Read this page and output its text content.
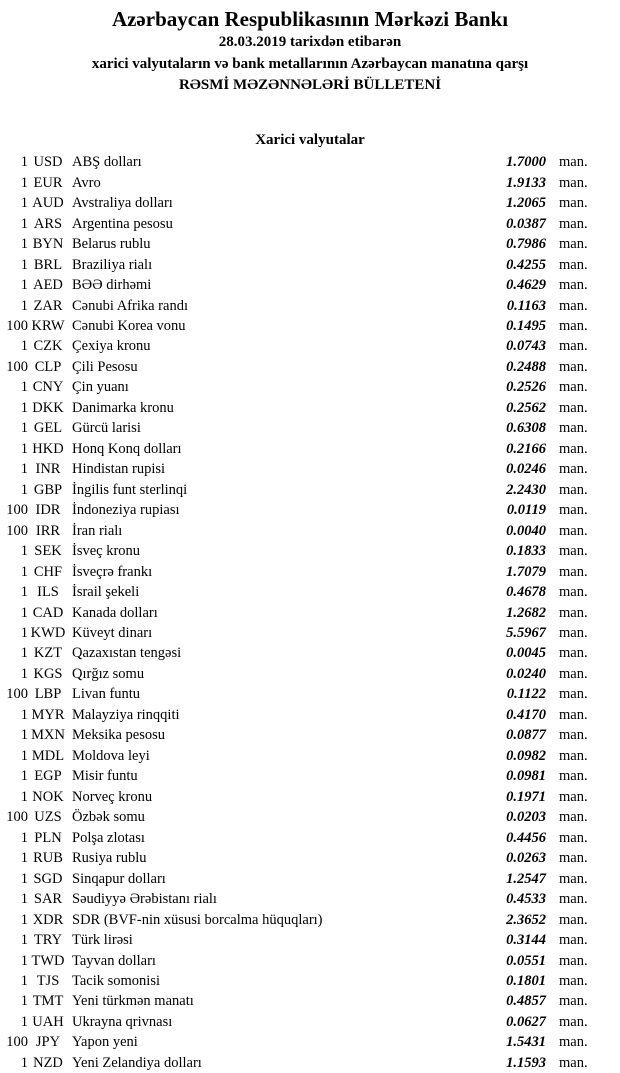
Azərbaycan Respublikasının Mərkəzi Bankı
28.03.2019 tarixdən etibarən
xarici valyutaların və bank metallarının Azərbaycan manatına qarşı
RƏSMİ MƏZƏNNƏLƏRİ BÜLLETENİ
Xarici valyutalar
1 USD ABŞ dolları	1.7000 man.
1 EUR Avro	1.9133 man.
1 AUD Avstraliya dolları	1.2065 man.
1 ARS Argentina pesosu	0.0387 man.
1 BYN Belarus rublu	0.7986 man.
1 BRL Braziliya rialı	0.4255 man.
1 AED BƏƏ dirhəmi	0.4629 man.
1 ZAR Cənubi Afrika randı	0.1163 man.
100 KRW Cənubi Korea vonu	0.1495 man.
1 CZK Çexiya kronu	0.0743 man.
100 CLP Çili Pesosu	0.2488 man.
1 CNY Çin yuanı	0.2526 man.
1 DKK Danimarka kronu	0.2562 man.
1 GEL Gürcü larisi	0.6308 man.
1 HKD Honq Konq dolları	0.2166 man.
1 INR Hindistan rupisi	0.0246 man.
1 GBP İngilis funt sterlinqi	2.2430 man.
100 IDR İndoneziya rupiası	0.0119 man.
100 IRR İran rialı	0.0040 man.
1 SEK İsveç kronu	0.1833 man.
1 CHF İsveçrə frankı	1.7079 man.
1 ILS İsrail şekeli	0.4678 man.
1 CAD Kanada dolları	1.2682 man.
1 KWD Küveyt dinarı	5.5967 man.
1 KZT Qazaxıstan tengəsi	0.0045 man.
1 KGS Qırğız somu	0.0240 man.
100 LBP Livan funtu	0.1122 man.
1 MYR Malayziya rinqqiti	0.4170 man.
1 MXN Meksika pesosu	0.0877 man.
1 MDL Moldova leyi	0.0982 man.
1 EGP Misir funtu	0.0981 man.
1 NOK Norveç kronu	0.1971 man.
100 UZS Özbək somu	0.0203 man.
1 PLN Polşa zlotası	0.4456 man.
1 RUB Rusiya rublu	0.0263 man.
1 SGD Sinqapur dolları	1.2547 man.
1 SAR Səudiyyə Ərəbistanı rialı	0.4533 man.
1 XDR SDR (BVF-nin xüsusi borcalma hüquqları)	2.3652 man.
1 TRY Türk lirəsi	0.3144 man.
1 TWD Tayvan dolları	0.0551 man.
1 TJS Tacik somonisi	0.1801 man.
1 TMT Yeni türkmən manatı	0.4857 man.
1 UAH Ukrayna qrivnası	0.0627 man.
100 JPY Yapon yeni	1.5431 man.
1 NZD Yeni Zelandiya dolları	1.1593 man.
